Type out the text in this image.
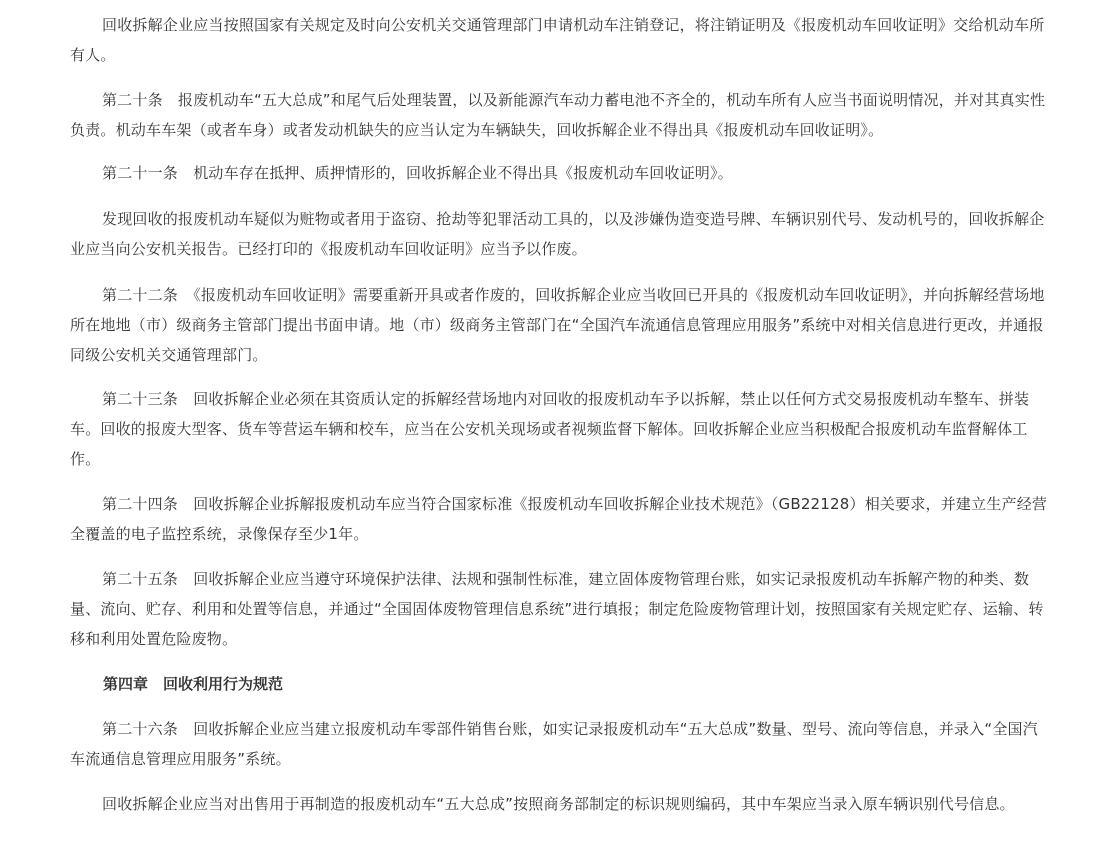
回收拆解企业应当按照国家有关规定及时向公安机关交通管理部门申请机动车注销登记，将注销证明及《报废机动车回收证明》交给机动车所有人。

第二十条　报废机动车“五大总成”和尾气后处理装置，以及新能源汽车动力蓄电池不齐全的，机动车所有人应当书面说明情况，并对其真实性负责。机动车车架（或者车身）或者发动机缺失的应当认定为车辆缺失，回收拆解企业不得出具《报废机动车回收证明》。

第二十一条　机动车存在抵押、质押情形的，回收拆解企业不得出具《报废机动车回收证明》。

发现回收的报废机动车疑似为赃物或者用于盗窃、抢劫等犯罪活动工具的，以及涉嫌伪造变造号牌、车辆识别代号、发动机号的，回收拆解企业应当向公安机关报告。已经打印的《报废机动车回收证明》应当予以作废。

第二十二条　《报废机动车回收证明》需要重新开具或者作废的，回收拆解企业应当收回已开具的《报废机动车回收证明》，并向拆解经营场地所在地地（市）级商务主管部门提出书面申请。地（市）级商务主管部门在“全国汽车流通信息管理应用服务”系统中对相关信息进行更改，并通报同级公安机关交通管理部门。

第二十三条　回收拆解企业必须在其资质认定的拆解经营场地内对回收的报废机动车予以拆解，禁止以任何方式交易报废机动车整车、拼装车。回收的报废大型客、货车等营运车辆和校车，应当在公安机关现场或者视频监督下解体。回收拆解企业应当积极配合报废机动车监督解体工作。

第二十四条　回收拆解企业拆解报废机动车应当符合国家标准《报废机动车回收拆解企业技术规范》（GB22128）相关要求，并建立生产经营全覆盖的电子监控系统，录像保存至少1年。

第二十五条　回收拆解企业应当遵守环境保护法律、法规和强制性标准，建立固体废物管理台账，如实记录报废机动车拆解产物的种类、数量、流向、贮存、利用和处置等信息，并通过“全国固体废物管理信息系统”进行填报；制定危险废物管理计划，按照国家有关规定贮存、运输、转移和利用处置危险废物。

第四章　回收利用行为规范

第二十六条　回收拆解企业应当建立报废机动车零部件销售台账，如实记录报废机动车“五大总成”数量、型号、流向等信息，并录入“全国汽车流通信息管理应用服务”系统。

回收拆解企业应当对出售用于再制造的报废机动车“五大总成”按照商务部制定的标识规则编码，其中车架应当录入原车辆识别代号信息。
